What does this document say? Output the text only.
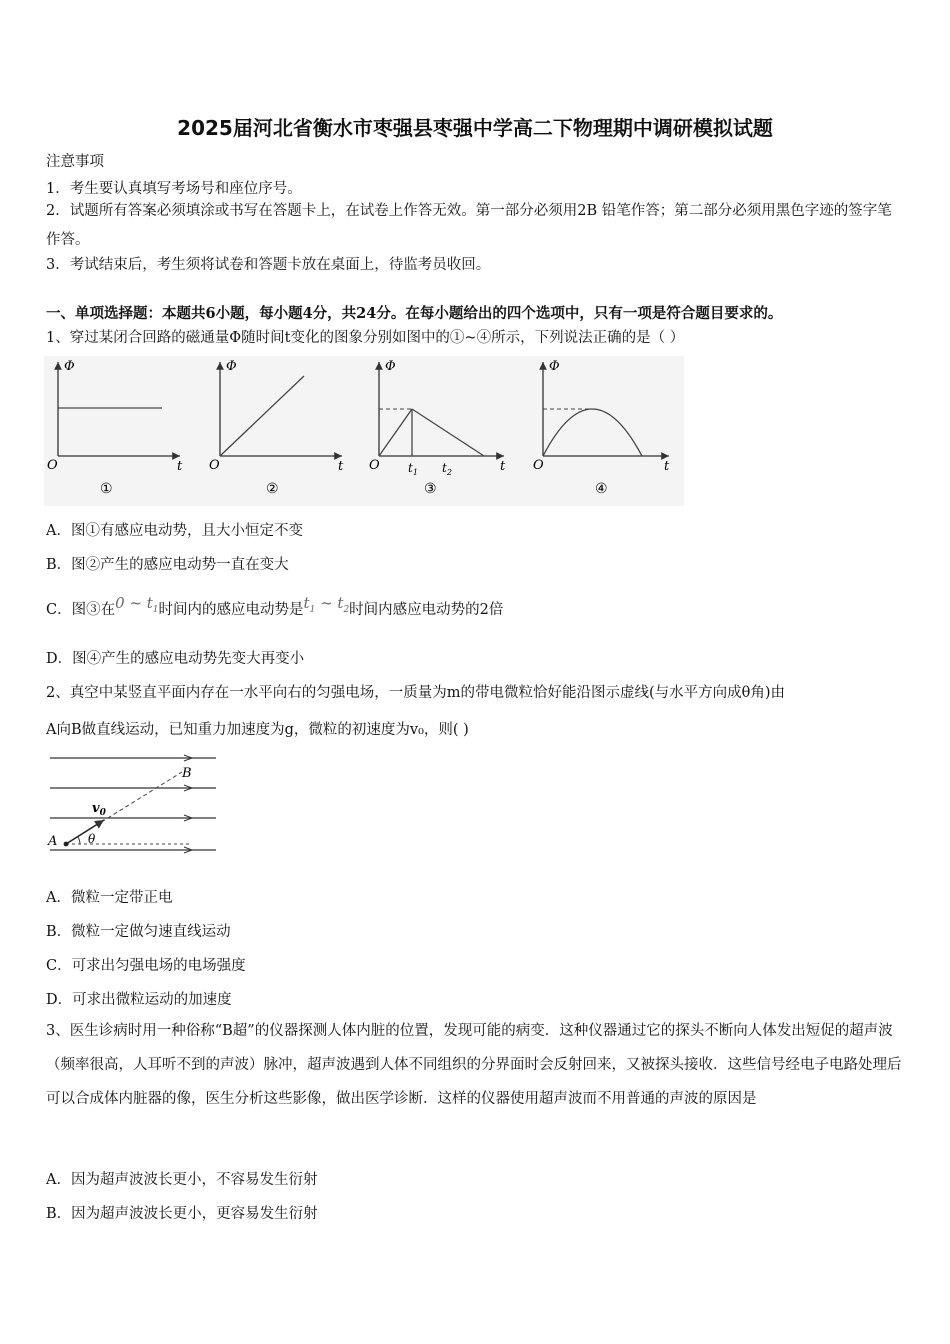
2025届河北省衡水市枣强县枣强中学高二下物理期中调研模拟试题
注意事项
1．考生要认真填写考场号和座位序号。
2．试题所有答案必须填涂或书写在答题卡上，在试卷上作答无效。第一部分必须用2B 铅笔作答；第二部分必须用黑色字迹的签字笔作答。
3．考试结束后，考生须将试卷和答题卡放在桌面上，待监考员收回。
一、单项选择题：本题共6小题，每小题4分，共24分。在每小题给出的四个选项中，只有一项是符合题目要求的。
1、穿过某闭合回路的磁通量Φ随时间t变化的图象分别如图中的①~④所示，下列说法正确的是（ ）
Φ
O	t
①
Φ
O	t
②
Φ
O	t
$t_1$ $t_2$
③
Φ
O	t
④
A．图①有感应电动势，且大小恒定不变
B．图②产生的感应电动势一直在变大
C．图③在0 ~ $t_1$时间内的感应电动势是$t_1$ ~ $t_2$时间内感应电动势的2倍
D．图④产生的感应电动势先变大再变小
2、真空中某竖直平面内存在一水平向右的匀强电场，一质量为m的带电微粒恰好能沿图示虚线(与水平方向成θ角)由
A向B做直线运动，已知重力加速度为g，微粒的初速度为v₀，则( )
A
B
$v_0$
θ
A．微粒一定带正电
B．微粒一定做匀速直线运动
C．可求出匀强电场的电场强度
D．可求出微粒运动的加速度
3、医生诊病时用一种俗称“B超”的仪器探测人体内脏的位置，发现可能的病变．这种仪器通过它的探头不断向人体发出短促的超声波（频率很高，人耳听不到的声波）脉冲，超声波遇到人体不同组织的分界面时会反射回来，又被探头接收．这些信号经电子电路处理后可以合成体内脏器的像，医生分析这些影像，做出医学诊断．这样的仪器使用超声波而不用普通的声波的原因是
A．因为超声波波长更小，不容易发生衍射
B．因为超声波波长更小，更容易发生衍射
